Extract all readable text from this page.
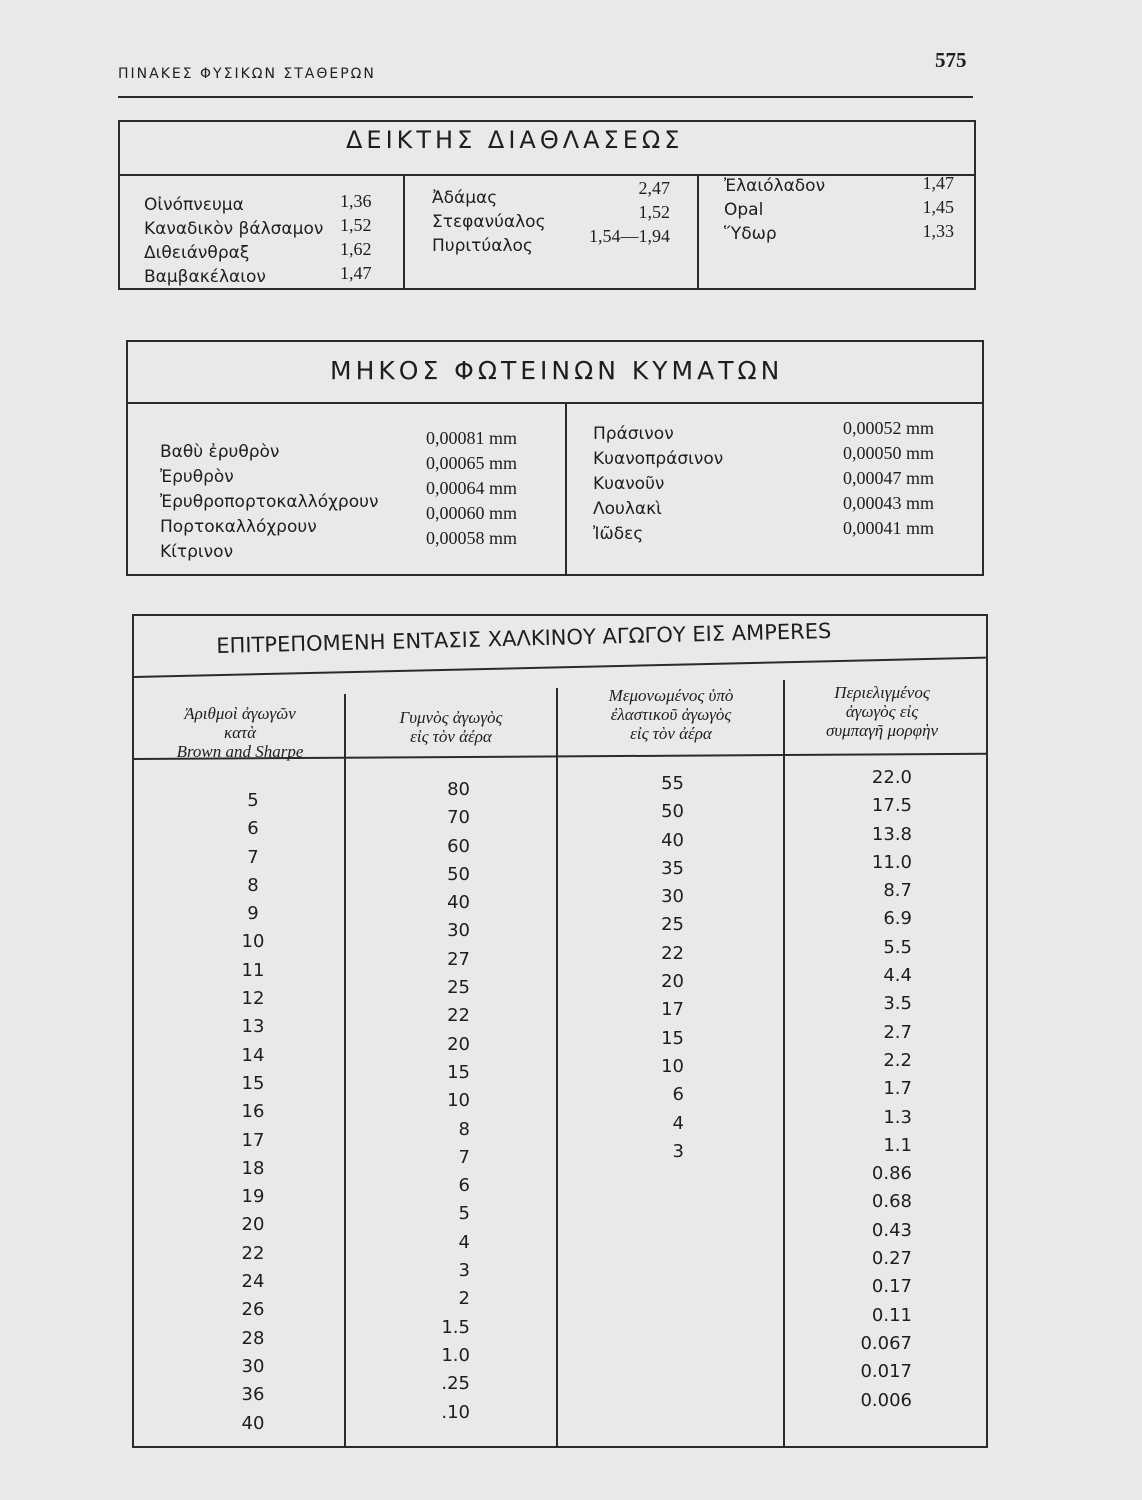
ΠΙΝΑΚΕΣ ΦΥΣΙΚΩΝ ΣΤΑΘΕΡΩΝ
575
ΔΕΙΚΤΗΣ ΔΙΑΘΛΑΣΕΩΣ
Οἰνόπνευμα
Καναδικὸν βάλσαμον
Διθειάνθραξ
Βαμβακέλαιον
1,36
1,52
1,62
1,47
Ἀδάμας
Στεφανύαλος
Πυριτύαλος
2,47
1,52
1,54—1,94
Ἐλαιόλαδον
Opal
Ὕδωρ
1,47
1,45
1,33
ΜΗΚΟΣ ΦΩΤΕΙΝΩΝ ΚΥΜΑΤΩΝ
Βαθὺ ἐρυθρὸν
Ἐρυθρὸν
Ἐρυθροπορτοκαλλόχρουν
Πορτοκαλλόχρουν
Κίτρινον
0,00081 mm
0,00065 mm
0,00064 mm
0,00060 mm
0,00058 mm
Πράσινον
Κυανοπράσινον
Κυανοῦν
Λουλακὶ
Ἰῶδες
0,00052 mm
0,00050 mm
0,00047 mm
0,00043 mm
0,00041 mm
ΕΠΙΤΡΕΠΟΜΕΝΗ ΕΝΤΑΣΙΣ ΧΑΛΚΙΝΟΥ ΑΓΩΓΟΥ ΕΙΣ AMPERES
Ἀριθμοὶ ἀγωγῶν
κατὰ
Brown and Sharpe
Γυμνὸς ἀγωγὸς
εἰς τὸν ἀέρα
Μεμονωμένος ὑπὸ
ἐλαστικοῦ ἀγωγὸς
εἰς τὸν ἀέρα
Περιελιγμένος
ἀγωγὸς εἰς
συμπαγῆ μορφὴν
5
6
7
8
9
10
11
12
13
14
15
16
17
18
19
20
22
24
26
28
30
36
40
80
70
60
50
40
30
27
25
22
20
15
10
8
7
6
5
4
3
2
1.5
1.0
.25
.10
55
50
40
35
30
25
22
20
17
15
10
6
4
3
22.0
17.5
13.8
11.0
8.7
6.9
5.5
4.4
3.5
2.7
2.2
1.7
1.3
1.1
0.86
0.68
0.43
0.27
0.17
0.11
0.067
0.017
0.006
